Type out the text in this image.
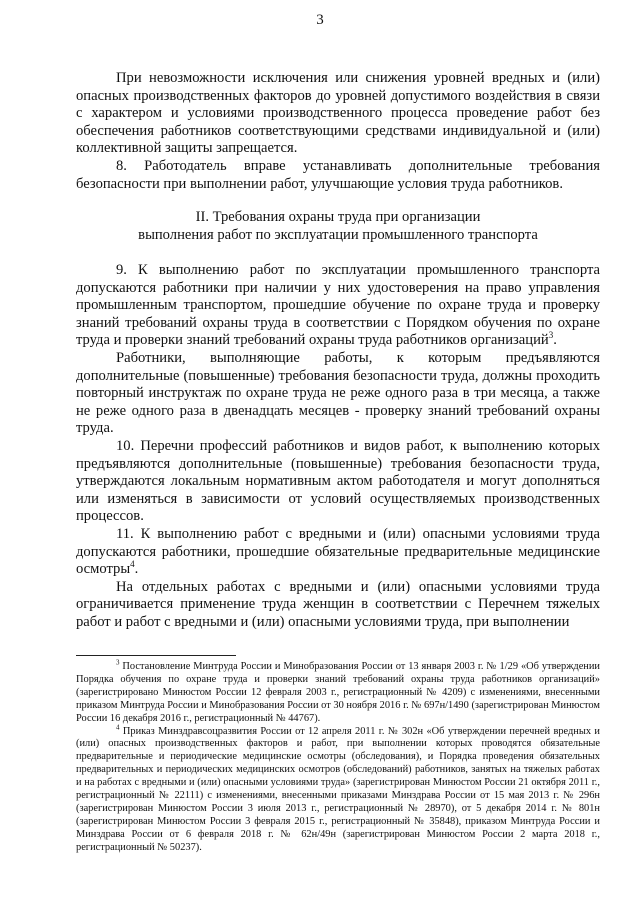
3

При невозможности исключения или снижения уровней вредных и (или) опасных производственных факторов до уровней допустимого воздействия в связи с характером и условиями производственного процесса проведение работ без обеспечения работников соответствующими средствами индивидуальной и (или) коллективной защиты запрещается.

8. Работодатель вправе устанавливать дополнительные требования безопасности при выполнении работ, улучшающие условия труда работников.

II. Требования охраны труда при организации
выполнения работ по эксплуатации промышленного транспорта

9. К выполнению работ по эксплуатации промышленного транспорта допускаются работники при наличии у них удостоверения на право управления промышленным транспортом, прошедшие обучение по охране труда и проверку знаний требований охраны труда в соответствии с Порядком обучения по охране труда и проверки знаний требований охраны труда работников организаций$^3$.

Работники, выполняющие работы, к которым предъявляются дополнительные (повышенные) требования безопасности труда, должны проходить повторный инструктаж по охране труда не реже одного раза в три месяца, а также не реже одного раза в двенадцать месяцев - проверку знаний требований охраны труда.

10. Перечни профессий работников и видов работ, к выполнению которых предъявляются дополнительные (повышенные) требования безопасности труда, утверждаются локальным нормативным актом работодателя и могут дополняться или изменяться в зависимости от условий осуществляемых производственных процессов.

11. К выполнению работ с вредными и (или) опасными условиями труда допускаются работники, прошедшие обязательные предварительные медицинские осмотры$^4$.

На отдельных работах с вредными и (или) опасными условиями труда ограничивается применение труда женщин в соответствии с Перечнем тяжелых работ и работ с вредными и (или) опасными условиями труда, при выполнении

$^3$ Постановление Минтруда России и Минобразования России от 13 января 2003 г. № 1/29 «Об утверждении Порядка обучения по охране труда и проверки знаний требований охраны труда работников организаций» (зарегистрировано Минюстом России 12 февраля 2003 г., регистрационный № 4209) с изменениями, внесенными приказом Минтруда России и Минобразования России от 30 ноября 2016 г. № 697н/1490 (зарегистрирован Минюстом России 16 декабря 2016 г., регистрационный № 44767).

$^4$ Приказ Минздравсоцразвития России от 12 апреля 2011 г. № 302н «Об утверждении перечней вредных и (или) опасных производственных факторов и работ, при выполнении которых проводятся обязательные предварительные и периодические медицинские осмотры (обследования), и Порядка проведения обязательных предварительных и периодических медицинских осмотров (обследований) работников, занятых на тяжелых работах и на работах с вредными и (или) опасными условиями труда» (зарегистрирован Минюстом России 21 октября 2011 г., регистрационный № 22111) с изменениями, внесенными приказами Минздрава России от 15 мая 2013 г. № 296н (зарегистрирован Минюстом России 3 июля 2013 г., регистрационный № 28970), от 5 декабря 2014 г. № 801н (зарегистрирован Минюстом России 3 февраля 2015 г., регистрационный № 35848), приказом Минтруда России и Минздрава России от 6 февраля 2018 г. № 62н/49н (зарегистрирован Минюстом России 2 марта 2018 г., регистрационный № 50237).
